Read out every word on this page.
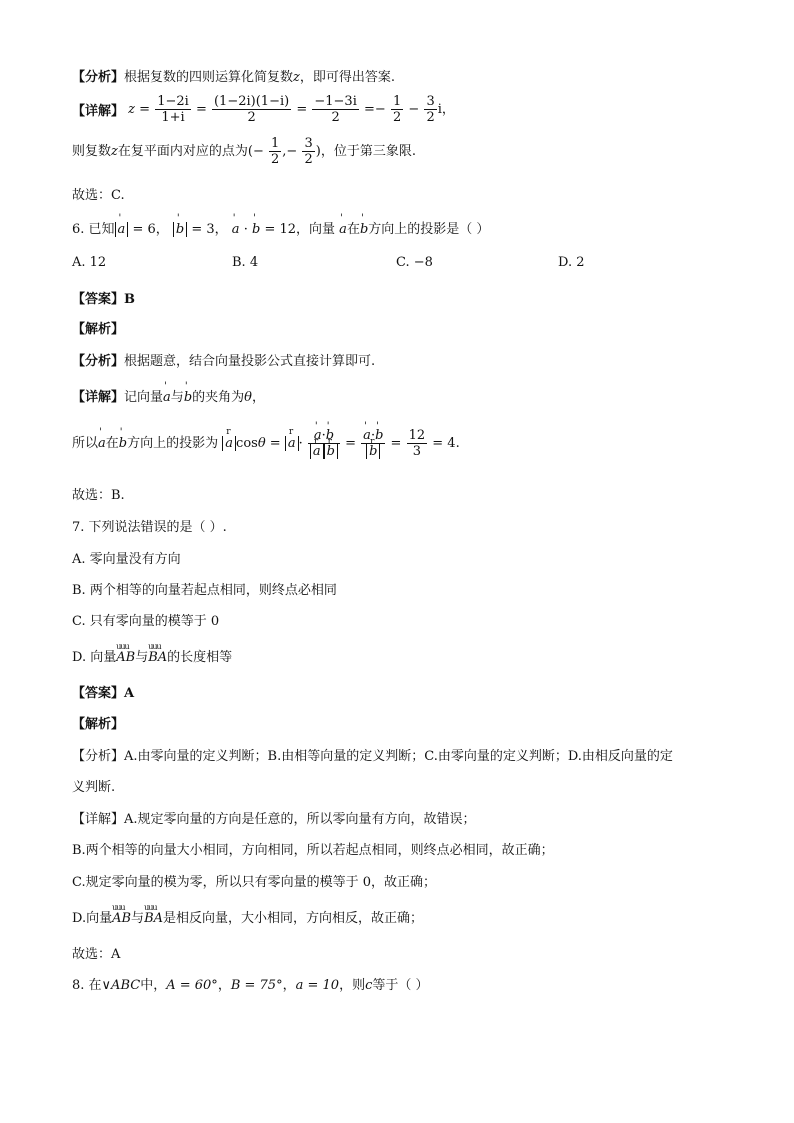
【分析】根据复数的四则运算化简复数z，即可得出答案.
【详解】 $z = \frac{1-2i}{1+i} = \frac{(1-2i)(1-i)}{2} = \frac{-1-3i}{2} =- \frac{1}{2} - \frac{3}{2}$ i，
则复数z在复平面内对应的点为(− $\frac{1}{2}$ ,− $\frac{3}{2}$ )，位于第三象限.
故选：C.
6. 已知 ' a = 6， ' b = 3， ' a · ' b = 12，向量 ' a在' b方向上的投影是（ ）
A. 12	B. 4	C. −8	D. 2
【答案】B
【解析】
【分析】根据题意，结合向量投影公式直接计算即可.
【详解】记向量' a与' b的夹角为θ，
所以' a在' b方向上的投影为 r a cosθ = r a · ' a·' b
r a r b = ' a·' b
r $b = \frac{12}{3} = 4$.
故选：B.
7. 下列说法错误的是（ ）.
A. 零向量没有方向
B. 两个相等的向量若起点相同，则终点必相同
C. 只有零向量的模等于 0
D. 向量uuu AB与uuu BA的长度相等
【答案】A
【解析】
【分析】A.由零向量的定义判断；B.由相等向量的定义判断；C.由零向量的定义判断；D.由相反向量的定
义判断.
【详解】A.规定零向量的方向是任意的，所以零向量有方向，故错误；
B.两个相等的向量大小相同，方向相同，所以若起点相同，则终点必相同，故正确；
C.规定零向量的模为零，所以只有零向量的模等于 0，故正确；
D.向量uuu AB与uuu BA是相反向量，大小相同，方向相反，故正确；
故选：A
8. 在∨ABC中，A = 60°，B = 75°，a = 10，则c等于（ ）
